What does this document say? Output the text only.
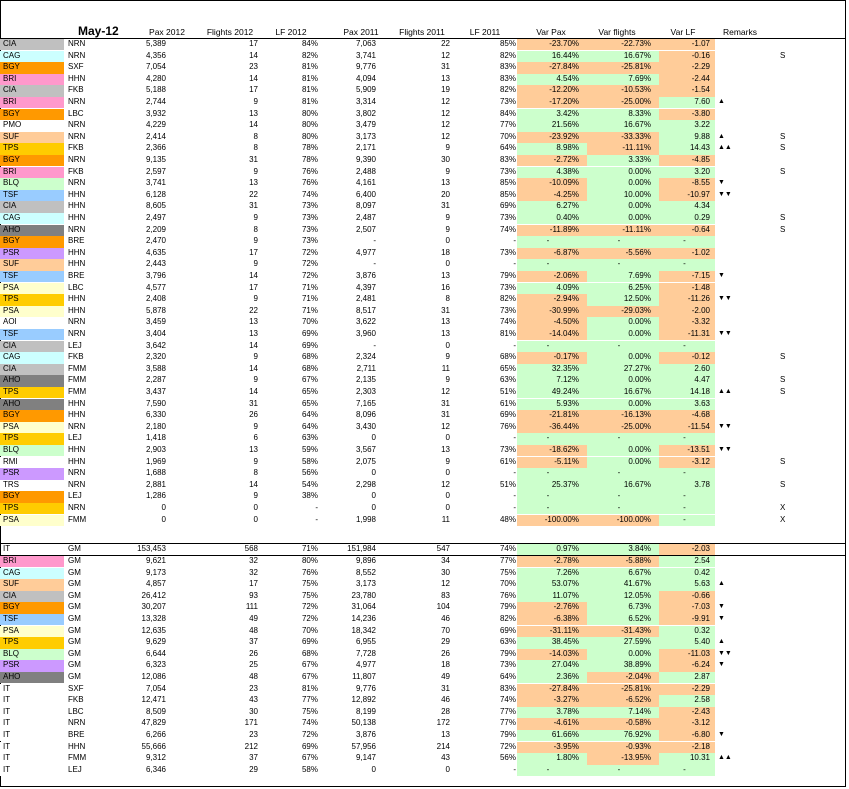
May-12	Pax 2012	Flights 2012	LF 2012	Pax 2011	Flights 2011	LF 2011	Var Pax	Var flights	Var LF	Remarks
CIA	NRN	5,389	17	84%	7,063	22	85%	-23.70%	-22.73%	-1.07
CAG	NRN	4,356	14	82%	3,741	12	82%	16.44%	16.67%	-0.16	S
BGY	SXF	7,054	23	81%	9,776	31	83%	-27.84%	-25.81%	-2.29
BRI	HHN	4,280	14	81%	4,094	13	83%	4.54%	7.69%	-2.44
CIA	FKB	5,188	17	81%	5,909	19	82%	-12.20%	-10.53%	-1.54
BRI	NRN	2,744	9	81%	3,314	12	73%	-17.20%	-25.00%	7.60 ▲
BGY	LBC	3,932	13	80%	3,802	12	84%	3.42%	8.33%	-3.80
PMO	NRN	4,229	14	80%	3,479	12	77%	21.56%	16.67%	3.22
SUF	NRN	2,414	8	80%	3,173	12	70%	-23.92%	-33.33%	9.88 ▲	S
TPS	FKB	2,366	8	78%	2,171	9	64%	8.98%	-11.11%	14.43 ▲▲	S
BGY	NRN	9,135	31	78%	9,390	30	83%	-2.72%	3.33%	-4.85
BRI	FKB	2,597	9	76%	2,488	9	73%	4.38%	0.00%	3.20	S
BLQ	NRN	3,741	13	76%	4,161	13	85%	-10.09%	0.00%	-8.55 ▼
TSF	HHN	6,128	22	74%	6,400	20	85%	-4.25%	10.00%	-10.97 ▼▼
CIA	HHN	8,605	31	73%	8,097	31	69%	6.27%	0.00%	4.34
CAG	HHN	2,497	9	73%	2,487	9	73%	0.40%	0.00%	0.29	S
AHO	NRN	2,209	8	73%	2,507	9	74%	-11.89%	-11.11%	-0.64	S
BGY	BRE	2,470	9	73%	-	0	-	-	-	-
PSR	HHN	4,635	17	72%	4,977	18	73%	-6.87%	-5.56%	-1.02
SUF	HHN	2,443	9	72%	-	0	-	-	-	-
TSF	BRE	3,796	14	72%	3,876	13	79%	-2.06%	7.69%	-7.15 ▼
PSA	LBC	4,577	17	71%	4,397	16	73%	4.09%	6.25%	-1.48
TPS	HHN	2,408	9	71%	2,481	8	82%	-2.94%	12.50%	-11.26 ▼▼
PSA	HHN	5,878	22	71%	8,517	31	73%	-30.99%	-29.03%	-2.00
AOI	NRN	3,459	13	70%	3,622	13	74%	-4.50%	0.00%	-3.32
TSF	NRN	3,404	13	69%	3,960	13	81%	-14.04%	0.00%	-11.31 ▼▼
CIA	LEJ	3,642	14	69%	-	0	-	-	-	-
CAG	FKB	2,320	9	68%	2,324	9	68%	-0.17%	0.00%	-0.12	S
CIA	FMM	3,588	14	68%	2,711	11	65%	32.35%	27.27%	2.60
AHO	FMM	2,287	9	67%	2,135	9	63%	7.12%	0.00%	4.47	S
TPS	FMM	3,437	14	65%	2,303	12	51%	49.24%	16.67%	14.18 ▲▲	S
AHO	HHN	7,590	31	65%	7,165	31	61%	5.93%	0.00%	3.63
BGY	HHN	6,330	26	64%	8,096	31	69%	-21.81%	-16.13%	-4.68
PSA	NRN	2,180	9	64%	3,430	12	76%	-36.44%	-25.00%	-11.54 ▼▼
TPS	LEJ	1,418	6	63%	0	0	-	-	-	-
BLQ	HHN	2,903	13	59%	3,567	13	73%	-18.62%	0.00%	-13.51 ▼▼
RMI	HHN	1,969	9	58%	2,075	9	61%	-5.11%	0.00%	-3.12	S
PSR	NRN	1,688	8	56%	0	0	-	-	-	-
TRS	NRN	2,881	14	54%	2,298	12	51%	25.37%	16.67%	3.78	S
BGY	LEJ	1,286	9	38%	0	0	-	-	-	-
TPS	NRN	0	0	-	0	0	-	-	-	-	X
PSA	FMM	0	0	-	1,998	11	48%	-100.00%	-100.00%	-	X
IT	GM	153,453	568	71%	151,984	547	74%	0.97%	3.84%	-2.03
BRI	GM	9,621	32	80%	9,896	34	77%	-2.78%	-5.88%	2.54
CAG	GM	9,173	32	76%	8,552	30	75%	7.26%	6.67%	0.42
SUF	GM	4,857	17	75%	3,173	12	70%	53.07%	41.67%	5.63 ▲
CIA	GM	26,412	93	75%	23,780	83	76%	11.07%	12.05%	-0.66
BGY	GM	30,207	111	72%	31,064	104	79%	-2.76%	6.73%	-7.03 ▼
TSF	GM	13,328	49	72%	14,236	46	82%	-6.38%	6.52%	-9.91 ▼
PSA	GM	12,635	48	70%	18,342	70	69%	-31.11%	-31.43%	0.32
TPS	GM	9,629	37	69%	6,955	29	63%	38.45%	27.59%	5.40 ▲
BLQ	GM	6,644	26	68%	7,728	26	79%	-14.03%	0.00%	-11.03 ▼▼
PSR	GM	6,323	25	67%	4,977	18	73%	27.04%	38.89%	-6.24 ▼
AHO	GM	12,086	48	67%	11,807	49	64%	2.36%	-2.04%	2.87
IT	SXF	7,054	23	81%	9,776	31	83%	-27.84%	-25.81%	-2.29
IT	FKB	12,471	43	77%	12,892	46	74%	-3.27%	-6.52%	2.58
IT	LBC	8,509	30	75%	8,199	28	77%	3.78%	7.14%	-2.43
IT	NRN	47,829	171	74%	50,138	172	77%	-4.61%	-0.58%	-3.12
IT	BRE	6,266	23	72%	3,876	13	79%	61.66%	76.92%	-6.80 ▼
IT	HHN	55,666	212	69%	57,956	214	72%	-3.95%	-0.93%	-2.18
IT	FMM	9,312	37	67%	9,147	43	56%	1.80%	-13.95%	10.31 ▲▲
IT	LEJ	6,346	29	58%	0	0	-	-	-	-
